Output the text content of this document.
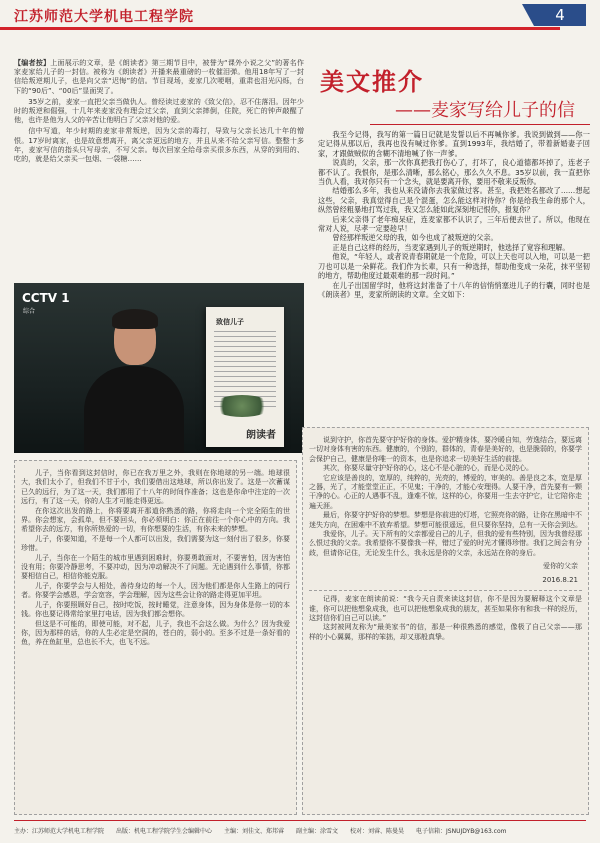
江苏师范大学机电工程学院	4
【编者按】上面展示的文章，是《朗读者》第三期节目中，被誉为“课外小说之父”的著名作家麦家给儿子的一封信。被称为《朗读者》开播来最重磅的一枚催泪弹。他用18年写了一封信给叛逆期儿子，也是向父亲“迟悔”的信。节目现场，麦家几次哽咽，重肃也泪光闪烁，台下的“90后”、“00后”显面哭了。
35岁之前，麦家一直把父亲当做仇人。曾经读过麦家的《致父信》，忍不住落泪。因年少时的叛逆和倔强，十几年来麦家没有理会过父亲，直到父亲摔倒，住院，死亡的钟声敲醒了他，也许是他为人父的辛苦让他明白了父亲对他的爱。
信中写道，年少时期的麦家非常叛逆，因为父亲的毒打，导致与父亲长达几十年的憎恨。17岁时离家，也是故意想离开，离父亲更远的地方，并且从来不给父亲写信。整整十多年，麦家写信的指头只写母亲，不写父亲。每次回家全给母亲买很多东西，从穿的到用的、吃的，就是给父亲买一包烟、一袋糖……
CCTV 1
综合
致信儿子
朗读者
美文推介
——麦家写给儿子的信

我至今记得，我写的第一篇日记就是发誓以后不再喊你爹。我说到做到——你一定记得从那以后，我再也没有喊过你爹。直到1993年，我结婚了，带着新婚妻子回家，才跟做贼似的含糊不清地喊了你一声爹。

说真的，父亲，那一次你真把我打伤心了，打坏了，良心道德都坏掉了，连老子都不认了。我恨你，是那么清晰，那么铭心，那么久久不息。35岁以前，我一直把你当仇人看，我对你只有一个念头，就是要离开你，要用不敬来反叛你。

结婚那么多年，我也从来没请你去我家做过客。甚至，我把姓名都改了……想起这些，父亲，我真觉得自己是个混蛋，怎么能这样对待你？你是给我生命的那个人，纵然曾经粗暴地打骂过我，我又怎么能如此深刻地记恨你，报复你？

后来父亲得了老年痴呆症，连麦家都不认识了，三年后便去世了。所以，他现在常对人说，尽孝一定要趁早！

曾经那样叛逆父母的我，如今也成了被叛逆的父亲。

正是自己这样的经历，当麦家遇到儿子的叛逆期时，他选择了宽容和理解。

他说，“年轻人，或者说青春期就是一个危险，可以上天也可以入地，可以是一把刀也可以是一朵鲜花。我们作为长辈，只有一种选择，帮助他变成一朵花，抹平坚韧的地方，帮助他度过最艰难的那一段时间。”

在儿子出国留学时，他将这封准备了十八年的信悄悄塞进儿子的行囊，同时也是《朗读者》里，麦家所朗读的文章。全文如下：

儿子，当你看到这封信时，你已在我万里之外，我则在你地球的另一端。地球很大，我们太小了，但我们不甘于小，我们要借出这地球，所以你出发了。这是一次蓄谋已久的远行，为了这一天，我们都用了十八年的时间作准备；这也是你命中注定的一次远行，有了这一天，你的人生才可能走得更远。

在你这次出发的路上，你将要离开那道你熟悉的路，你将走向一个完全陌生的世界。你会想家，会孤单，但不要回头，你必须明白：你正在前往一个你心中的方向。我希望你去的远方，有你所热爱的一切，有你想要的生活，有你未来的梦想。

儿子，你要知道，不是每一个人都可以出发，我们需要为这一刻付出了很多，你要珍惜。

儿子，当你在一个陌生的城市里遇到困难时，你要勇敢面对，不要害怕，因为害怕没有用；你要冷静思考，不要冲动，因为冲动解决不了问题。无论遇到什么事情，你都要相信自己，相信你能克服。

儿子，你要学会与人相处，善待身边的每一个人，因为他们都是你人生路上的同行者。你要学会感恩，学会宽容，学会理解，因为这些会让你的路走得更加平坦。

儿子，你要照顾好自己，按时吃饭，按时睡觉，注意身体，因为身体是你一切的本钱。你也要记得常给家里打电话，因为我们都会想你。

但这是不可能的，即使可能，对不起，儿子，我也不会这么做。为什么？因为我爱你，因为那样的话，你的人生必定是空洞的，苍白的，弱小的。至多不过是一条好看的鱼，养在鱼缸里，总也长不大，也飞不远。

说到守护，你首先要守护好你的身体。爱护精身体，要冷暖自知，劳逸结合，要远离一切对身体有害的东西。健康的，个别的，群体的，青春是美好的，也是脆弱的，你要学会保护自己，健康是你唯一的资本，也是你追求一切美好生活的前提。

其次，你要尽量守护好你的心，这心不是心脏的心，而是心灵的心。

它应该是善良的，宽厚的，纯粹的，光亮的，博爱的，审美的。善是良之本，宽是厚之器，光了，才能堂堂正正，不见鬼；干净的，才能心安理得。人要干净，首先要有一颗干净的心。心正的人遇事不乱，逢难不惊，这样的心，你要用一生去守护它，让它陪你走遍天涯。

最后，你要守护好你的梦想。梦想是你前进的灯塔，它照亮你的路，让你在黑暗中不迷失方向，在困难中不放弃希望。梦想可能很遥远，但只要你坚持，总有一天你会到达。

我爱你，儿子。天下所有的父亲都爱自己的儿子，但我的爱有些特别，因为我曾经那么恨过我的父亲。我希望你不要像我一样，错过了爱的时光才懂得珍惜。我们之间会有分歧，但请你记住，无论发生什么，我永远是你的父亲，永远站在你的身后。

爱你的父亲
2016.8.21

记得，麦家在朗读前说：“我今天自责来读这封信，你不是因为要解释这个文章是谁，你可以把他想象成我，也可以把他想象成我的朋友，甚至如果你有和我一样的经历，这封信你们自己可以读。”

这封被网友称为“最美家书”的信，那是一种很熟悉的感觉，像极了自己父亲——那样的小心翼翼，那样的笨拙，却又那般真挚。

主办：江苏师范大学机电工程学院　　出版：机电工程学院学生会编辑中心　　主编：刘佳文、郑邦睿　　副主编：涂雪文　　校对：刘睿、陈曼昊　　电子信箱：JSNUJDYB@163.com
